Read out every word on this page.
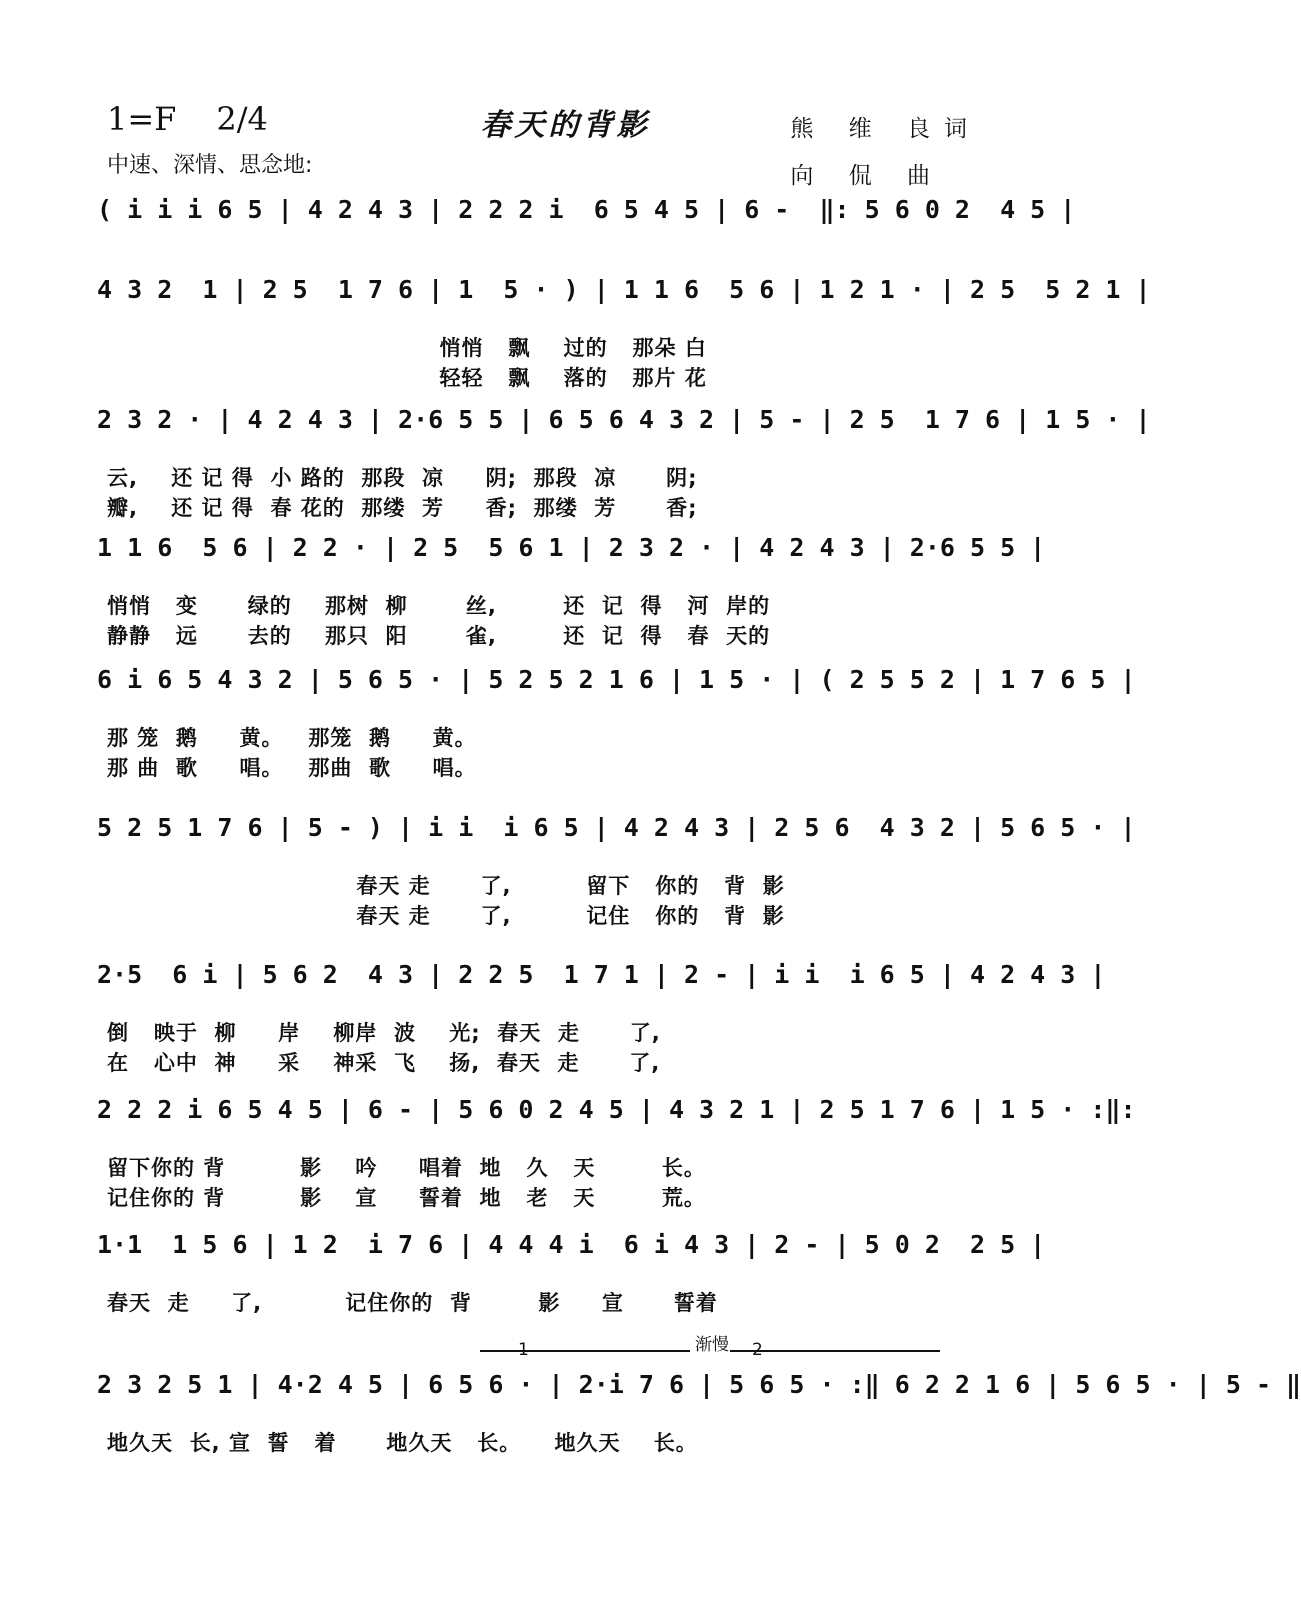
1=F 2/4	春天的背影
中速、深情、思念地:
熊 维 良词
向 侃 曲
( i i i 6 5 | 4 2 4 3 | 2 2 2 i  6 5 4 5 | 6 -  ‖: 5 6 0 2  4 5 |
4 3 2  1 | 2 5  1 7 6 | 1  5 · ) | 1 1 6  5 6 | 1 2 1 · | 2 5  5 2 1 |
悄悄   飘    过的   那朵 白
轻轻   飘    落的   那片 花
2 3 2 · | 4 2 4 3 | 2·6 5 5 | 6 5 6 4 3 2 | 5 - | 2 5  1 7 6 | 1 5 · |
云,    还 记 得  小 路的  那段  凉     阴;  那段  凉      阴;
瓣,    还 记 得  春 花的  那缕  芳     香;  那缕  芳      香;
1 1 6  5 6 | 2 2 · | 2 5  5 6 1 | 2 3 2 · | 4 2 4 3 | 2·6 5 5 |
悄悄   变      绿的    那树  柳       丝,        还  记  得   河  岸的
静静   远      去的    那只  阳       雀,        还  记  得   春  天的
6 i 6 5 4 3 2 | 5 6 5 · | 5 2 5 2 1 6 | 1 5 · | ( 2 5 5 2 | 1 7 6 5 |
那 笼  鹅     黄。   那笼  鹅     黄。
那 曲  歌     唱。   那曲  歌     唱。
5 2 5 1 7 6 | 5 - ) | i i  i 6 5 | 4 2 4 3 | 2 5 6  4 3 2 | 5 6 5 · |
春天 走      了,         留下   你的   背  影
春天 走      了,         记住   你的   背  影
2·5  6 i | 5 6 2  4 3 | 2 2 5  1 7 1 | 2 - | i i  i 6 5 | 4 2 4 3 |
倒   映于  柳     岸    柳岸  波    光;  春天  走      了,
在   心中  神     采    神采  飞    扬,  春天  走      了,
2 2 2 i 6 5 4 5 | 6 - | 5 6 0 2 4 5 | 4 3 2 1 | 2 5 1 7 6 | 1 5 · :‖:
留下你的 背         影    吟     唱着  地   久   天        长。
记住你的 背         影    宣     誓着  地   老   天        荒。
1·1  1 5 6 | 1 2  i 7 6 | 4 4 4 i  6 i 4 3 | 2 - | 5 0 2  2 5 |
春天  走     了,          记住你的  背        影     宣      誓着
2 3 2 5 1 | 4·2 4 5 | 6 5 6 · | 2·i 7 6 | 5 6 5 · :‖ 6 2 2 1 6 | 5 6 5 · | 5 - ‖
地久天  长, 宣  誓   着      地久天   长。    地久天    长。
渐慢
